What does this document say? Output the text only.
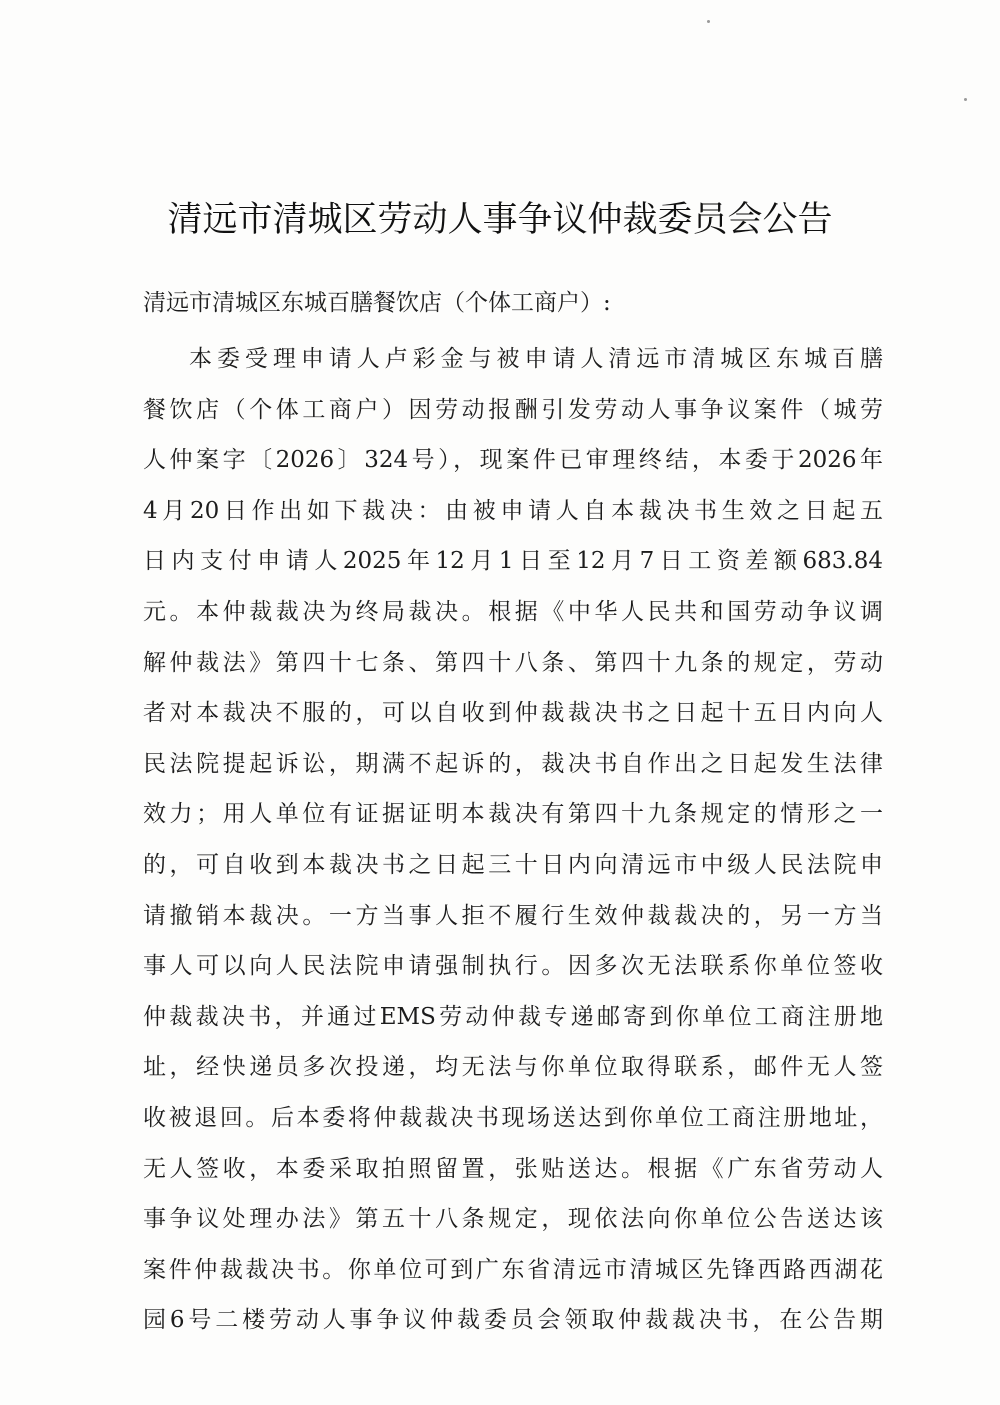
清远市清城区劳动人事争议仲裁委员会公告

清远市清城区东城百膳餐饮店（个体工商户）:

本委受理申请人卢彩金与被申请人清远市清城区东城百膳
餐饮店（个体工商户）因劳动报酬引发劳动人事争议案件（城劳
人仲案字〔2026〕324号），现案件已审理终结，本委于2026年
4月20日作出如下裁决：由被申请人自本裁决书生效之日起五
日内支付申请人2025年12月1日至12月7日工资差额683.84
元。本仲裁裁决为终局裁决。根据《中华人民共和国劳动争议调
解仲裁法》第四十七条、第四十八条、第四十九条的规定，劳动
者对本裁决不服的，可以自收到仲裁裁决书之日起十五日内向人
民法院提起诉讼，期满不起诉的，裁决书自作出之日起发生法律
效力；用人单位有证据证明本裁决有第四十九条规定的情形之一
的，可自收到本裁决书之日起三十日内向清远市中级人民法院申
请撤销本裁决。一方当事人拒不履行生效仲裁裁决的，另一方当
事人可以向人民法院申请强制执行。因多次无法联系你单位签收
仲裁裁决书，并通过EMS劳动仲裁专递邮寄到你单位工商注册地
址，经快递员多次投递，均无法与你单位取得联系，邮件无人签
收被退回。后本委将仲裁裁决书现场送达到你单位工商注册地址，
无人签收，本委采取拍照留置，张贴送达。根据《广东省劳动人
事争议处理办法》第五十八条规定，现依法向你单位公告送达该
案件仲裁裁决书。你单位可到广东省清远市清城区先锋西路西湖花
园6号二楼劳动人事争议仲裁委员会领取仲裁裁决书，在公告期
